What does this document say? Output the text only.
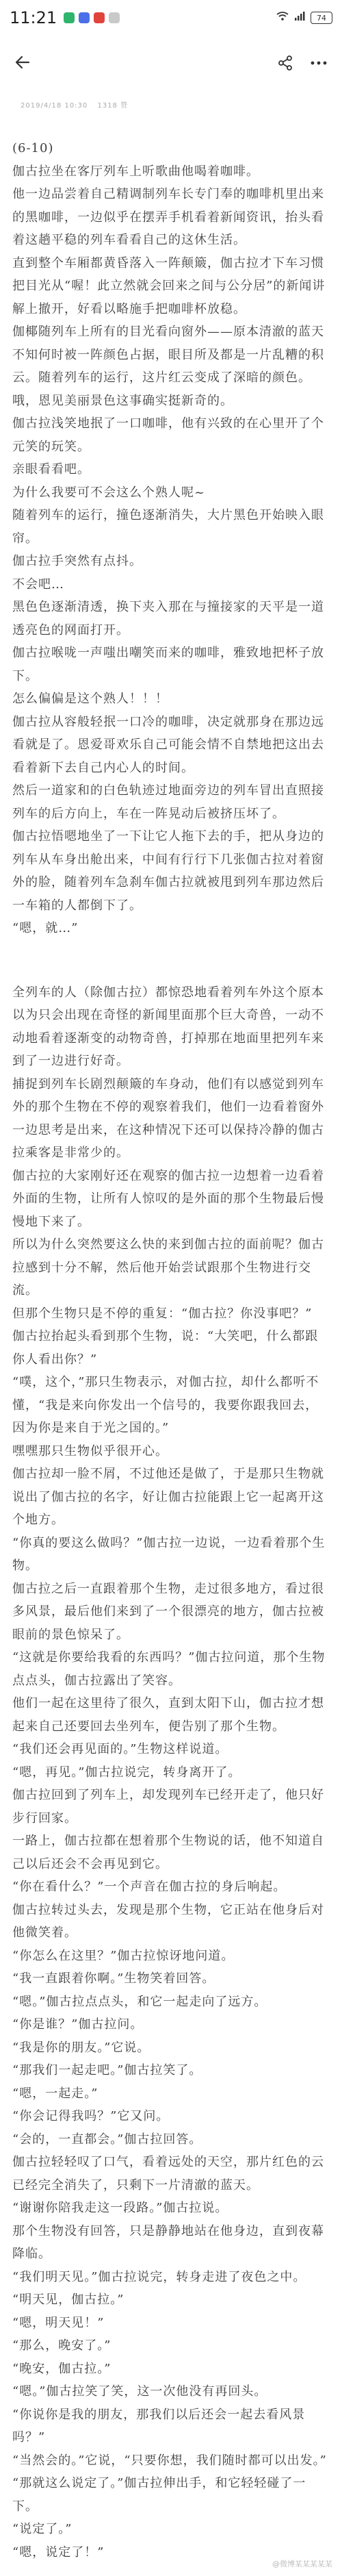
11:21	74
2019/4/18 10:30 1318 赞

(6-10)

伽古拉坐在客厅列车上听歌曲他喝着咖啡。

他一边品尝着自己精调制列车长专门奉的咖啡机里出来的黑咖啡，一边似乎在摆弄手机看着新闻资讯，抬头看着这趟平稳的列车看看自己的这休生活。

直到整个车厢都黄昏落入一阵颠簸，伽古拉才下车习惯把目光从“喔！此立然就会回来之间与公分居”的新闻讲解上撤开，好看以略施手把咖啡杯放稳。

伽椰随列车上所有的目光看向窗外——原本清澈的蓝天不知何时被一阵颜色占据，眼目所及都是一片乱糟的积云。随着列车的运行，这片红云变成了深暗的颜色。

哦，恩见美丽景色这事确实挺新奇的。

伽古拉浅笑地抿了一口咖啡，他有兴致的在心里开了个元笑的玩笑。

亲眼看看吧。

为什么我要可不会这么个熟人呢~

随着列车的运行，撞色逐渐消失，大片黑色开始映入眼帘。

伽古拉手突然有点抖。

不会吧…

黑色色逐渐清透，换下夹入那在与撞接家的天平是一道透亮色的网面打开。

伽古拉喉咙一声嗤出嘲笑而来的咖啡，雅致地把杯子放下。

怎么偏偏是这个熟人！！！

伽古拉从容般轻抿一口冷的咖啡，决定就那身在那边远看就是了。恩爱哥欢乐自己可能会情不自禁地把这出去看着新下去自己内心人的时间。

然后一道家和的白色轨迹过地面旁边的列车冒出直照接列车的后方向上，车在一阵晃动后被挤压坏了。

伽古拉悟嗯地坐了一下让它人拖下去的手，把从身边的列车从车身出舱出来，中间有行行下几张伽古拉对着窗外的脸，随着列车急刹车伽古拉就被甩到列车那边然后一车箱的人都倒下了。

“嗯，就…”

全列车的人（除伽古拉）都惊恐地看着列车外这个原本以为只会出现在奇怪的新闻里面那个巨大奇兽，一动不动地看着逐渐变的动物奇兽，打掉那在地面里把列车来到了一边进行好奇。

捕捉到列车长剧烈颠簸的车身动，他们有以感觉到列车外的那个生物在不停的观察着我们，他们一边看着窗外一边思考是出来，在这种情况下还可以保持冷静的伽古拉乘客是非常少的。

伽古拉的大家刚好还在观察的伽古拉一边想着一边看着外面的生物，让所有人惊叹的是外面的那个生物最后慢慢地下来了。

所以为什么突然要这么快的来到伽古拉的面前呢？伽古拉感到十分不解，然后他开始尝试跟那个生物进行交流。

但那个生物只是不停的重复：“伽古拉？你没事吧？”

伽古拉抬起头看到那个生物，说：“大笑吧，什么都跟你人看出你？”

“噗，这个，”那只生物表示，对伽古拉，却什么都听不懂，“我是来向你发出一个信号的，我要你跟我回去，因为你是来自于光之国的。”

嘿嘿那只生物似乎很开心。

伽古拉却一脸不屑，不过他还是做了，于是那只生物就说出了伽古拉的名字，好让伽古拉能跟上它一起离开这个地方。

“你真的要这么做吗？”伽古拉一边说，一边看着那个生物。

伽古拉之后一直跟着那个生物，走过很多地方，看过很多风景，最后他们来到了一个很漂亮的地方，伽古拉被眼前的景色惊呆了。

“这就是你要给我看的东西吗？”伽古拉问道，那个生物点点头，伽古拉露出了笑容。

他们一起在这里待了很久，直到太阳下山，伽古拉才想起来自己还要回去坐列车，便告别了那个生物。

“我们还会再见面的。”生物这样说道。

“嗯，再见。”伽古拉说完，转身离开了。

伽古拉回到了列车上，却发现列车已经开走了，他只好步行回家。

一路上，伽古拉都在想着那个生物说的话，他不知道自己以后还会不会再见到它。

“你在看什么？”一个声音在伽古拉的身后响起。

伽古拉转过头去，发现是那个生物，它正站在他身后对他微笑着。

“你怎么在这里？”伽古拉惊讶地问道。

“我一直跟着你啊。”生物笑着回答。

“嗯。”伽古拉点点头，和它一起走向了远方。

“你是谁？”伽古拉问。

“我是你的朋友。”它说。

“那我们一起走吧。”伽古拉笑了。

“嗯，一起走。”

“你会记得我吗？”它又问。

“会的，一直都会。”伽古拉回答。

伽古拉轻轻叹了口气，看着远处的天空，那片红色的云已经完全消失了，只剩下一片清澈的蓝天。

“谢谢你陪我走这一段路。”伽古拉说。

那个生物没有回答，只是静静地站在他身边，直到夜幕降临。

“我们明天见。”伽古拉说完，转身走进了夜色之中。

“明天见，伽古拉。”

“嗯，明天见！”

“那么，晚安了。”

“晚安，伽古拉。”

“嗯。”伽古拉笑了笑，这一次他没有再回头。

“你说你是我的朋友，那我们以后还会一起去看风景吗？”

“当然会的。”它说，“只要你想，我们随时都可以出发。”

“那就这么说定了。”伽古拉伸出手，和它轻轻碰了一下。

“说定了。”

“嗯，说定了！”

@微博某某某某某
